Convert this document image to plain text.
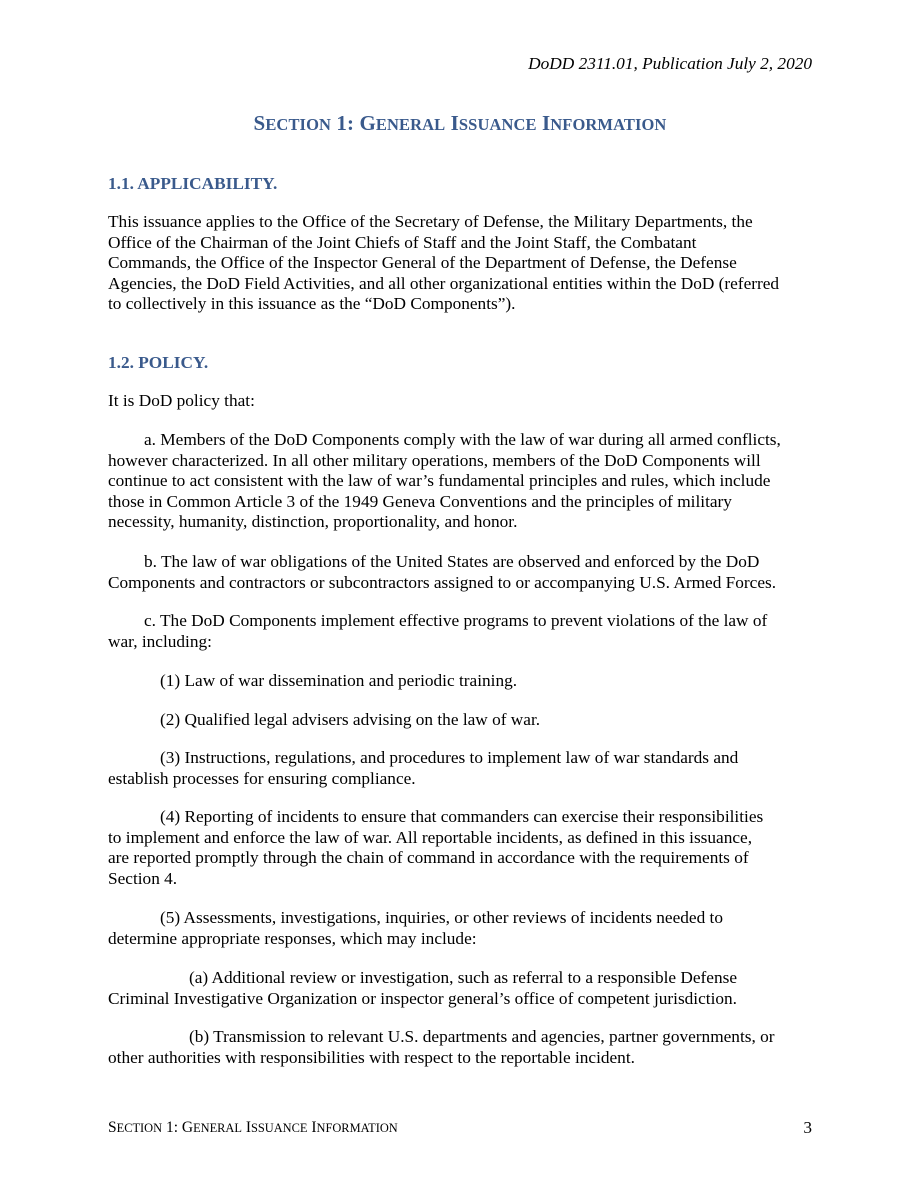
DoDD 2311.01, Publication July 2, 2020
SECTION 1: GENERAL ISSUANCE INFORMATION
1.1. APPLICABILITY.
This issuance applies to the Office of the Secretary of Defense, the Military Departments, the
Office of the Chairman of the Joint Chiefs of Staff and the Joint Staff, the Combatant
Commands, the Office of the Inspector General of the Department of Defense, the Defense
Agencies, the DoD Field Activities, and all other organizational entities within the DoD (referred
to collectively in this issuance as the “DoD Components”).
1.2. POLICY.
It is DoD policy that:
a. Members of the DoD Components comply with the law of war during all armed conflicts,
however characterized. In all other military operations, members of the DoD Components will
continue to act consistent with the law of war’s fundamental principles and rules, which include
those in Common Article 3 of the 1949 Geneva Conventions and the principles of military
necessity, humanity, distinction, proportionality, and honor.
b. The law of war obligations of the United States are observed and enforced by the DoD
Components and contractors or subcontractors assigned to or accompanying U.S. Armed Forces.
c. The DoD Components implement effective programs to prevent violations of the law of
war, including:
(1) Law of war dissemination and periodic training.
(2) Qualified legal advisers advising on the law of war.
(3) Instructions, regulations, and procedures to implement law of war standards and
establish processes for ensuring compliance.
(4) Reporting of incidents to ensure that commanders can exercise their responsibilities
to implement and enforce the law of war. All reportable incidents, as defined in this issuance,
are reported promptly through the chain of command in accordance with the requirements of
Section 4.
(5) Assessments, investigations, inquiries, or other reviews of incidents needed to
determine appropriate responses, which may include:
(a) Additional review or investigation, such as referral to a responsible Defense
Criminal Investigative Organization or inspector general’s office of competent jurisdiction.
(b) Transmission to relevant U.S. departments and agencies, partner governments, or
other authorities with responsibilities with respect to the reportable incident.
SECTION 1: GENERAL ISSUANCE INFORMATION	3
